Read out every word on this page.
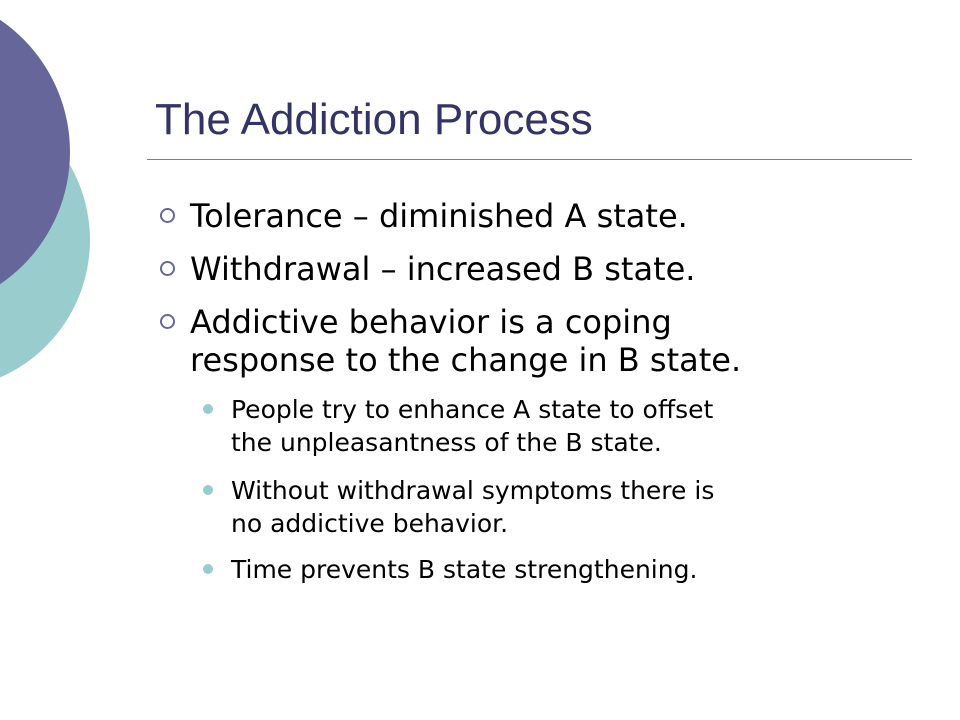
The Addiction Process
Tolerance – diminished A state.
Withdrawal – increased B state.
Addictive behavior is a coping
response to the change in B state.
People try to enhance A state to offset
the unpleasantness of the B state.
Without withdrawal symptoms there is
no addictive behavior.
Time prevents B state strengthening.
